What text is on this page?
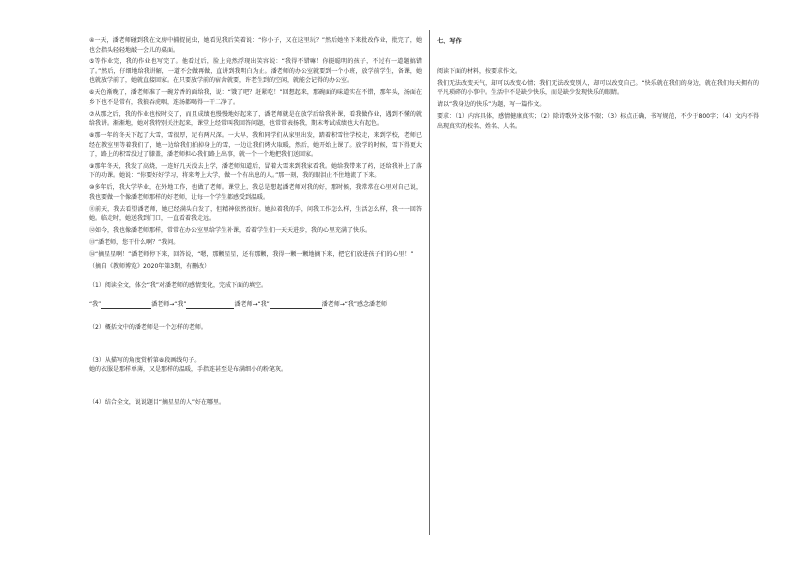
④一天，潘老师碰到我在文房中捕捉昆虫，她看见我后笑着说：“你小子，又在这里玩？”然后她坐下来批改作业，批完了，她也会指头轻轻地敲一会儿的桌面。

⑤等作业完，我的作业也写完了。他看过后，脸上竟然浮现出笑容说：“我得不错嘛！你挺聪明的孩子，不过有一道题搞错了。”然后，仔细地给我讲解，一道不会做再做，直讲到我明白为止。潘老师的办公室就要到一个小班，放学前学生，备课，她也就放学前了，她就直接回家。在只要放学前的宿舍就要，许老生到的空闲，就能会记得的办公室。

⑥天色渐晚了，潘老师准了一碗芳香的面给我，说：“饿了吧？赶紧吃！”回想起来，那碗面的味道实在不错，那年头，汤面在乡下也不是常有，我狼吞虎咽，连汤都喝得一干二净了。

⑦从那之后，我的作业也按时交了，而且成绩也慢慢地好起来了，潘老师就是在放学后给我补课，看我做作业，遇到不懂的就给我讲。渐渐地，她对我特别关注起来，课堂上经常叫我回答问题，也常常表扬我，期末考试成绩也大有起色。

⑧那一年的冬天下起了大雪，雪很厚，足有两尺深。一大早，我和同学们从家里出发，踏着积雪往学校走，来到学校，老师已经在教室里等着我们了，她一边给我们拍掉身上的雪，一边让我们烤火取暖，然后，她开始上课了。放学的时候，雪下得更大了，路上的积雪没过了膝盖，潘老师担心我们路上出事，就一个一个地把我们送回家。

⑨那年冬天，我发了高烧，一连好几天没去上学，潘老师知道后，冒着大雪来到我家看我。她给我带来了药，还给我补上了落下的功课。她说：“你要好好学习，将来考上大学，做一个有出息的人。”那一刻，我的眼泪止不住地流了下来。

⑩多年后，我大学毕业，在外地工作，也做了老师。课堂上，我总是想起潘老师对我的好，那时候，我常常在心里对自己说，我也要做一个像潘老师那样的好老师，让每一个学生都感受到温暖。

⑪前天，我去看望潘老师，她已经满头白发了，但精神依然很好。她拉着我的手，问我工作怎么样，生活怎么样，我一一回答她。临走时，她送我到门口，一直看着我走远。

⑫如今，我也像潘老师那样，常常在办公室里给学生补课，看着学生们一天天进步，我的心里充满了快乐。

⑬“潘老师，您干什么啊？”我问。

⑭“摘星星啊！”潘老师停下来，回答说，“嗯，那颗星星，还有那颗，我得一颗一颗地摘下来，把它们放进孩子们的心里！”

（摘自《教师博览》2020年第3期，有删改）

（1）阅读全文，体会“我”对潘老师的感情变化，完成下面的填空。

“我”	潘老师→“我”	潘老师→“我”	潘老师→“我”感念潘老师

（2）概括文中的潘老师是一个怎样的老师。

（3）从描写的角度赏析第⑧段画线句子。

她的衣服是那样单薄，又是那样的温暖，手指连甚至是布满细小的粉笔灰。

（4）结合全文，说说题目“摘星星的人”好在哪里。

七、写作

阅读下面的材料，按要求作文。

我们无法改变天气，却可以改变心情；我们无法改变别人，却可以改变自己。“快乐就在我们的身边，就在我们每天拥有的平凡琐碎的小事中。生活中不是缺少快乐，而是缺少发现快乐的眼睛。

请以“我身边的快乐”为题，写一篇作文。

要求：（1）内容具体，感情健康真实；（2）除诗歌外文体不限；（3）标点正确，书写规范，不少于800字；（4）文内不得出现真实的校名、姓名、人名。
